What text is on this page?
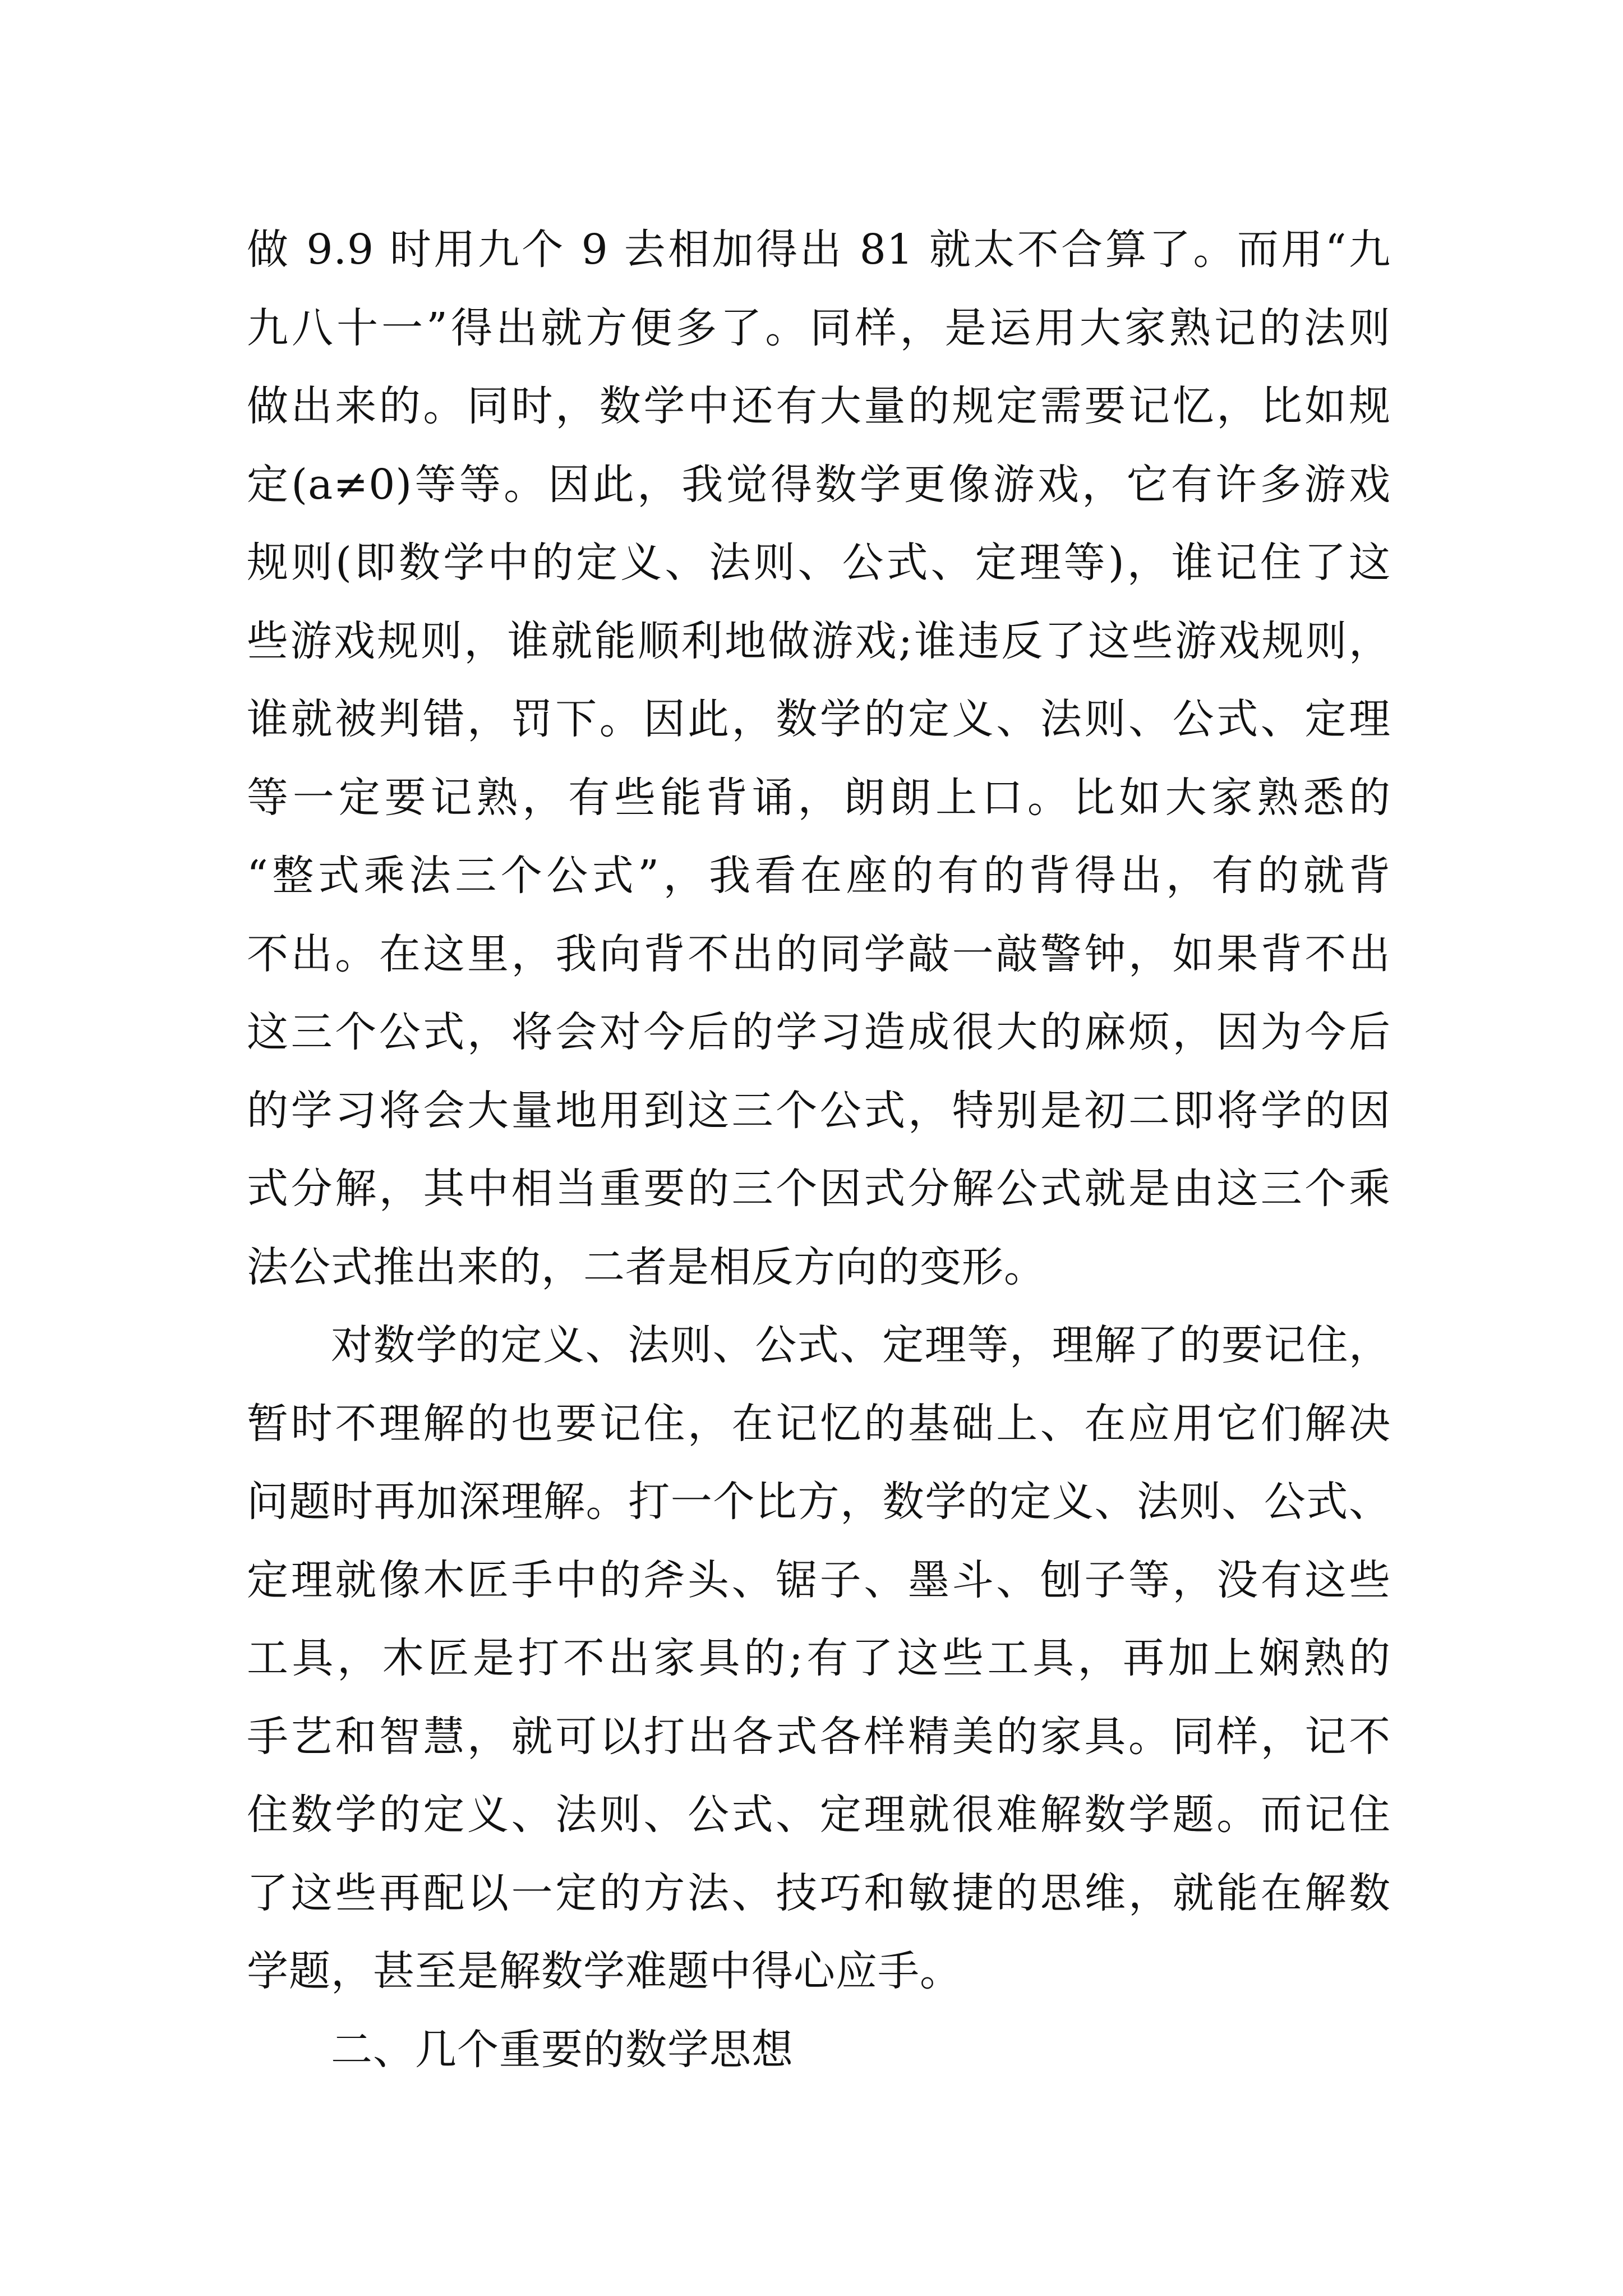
做 9.9 时用九个 9 去相加得出 81 就太不合算了。而用“九
九八十一”得出就方便多了。同样，是运用大家熟记的法则
做出来的。同时，数学中还有大量的规定需要记忆，比如规
定(a≠0)等等。因此，我觉得数学更像游戏，它有许多游戏
规则(即数学中的定义、法则、公式、定理等)，谁记住了这
些游戏规则，谁就能顺利地做游戏;谁违反了这些游戏规则，
谁就被判错，罚下。因此，数学的定义、法则、公式、定理
等一定要记熟，有些能背诵，朗朗上口。比如大家熟悉的
“整式乘法三个公式”，我看在座的有的背得出，有的就背
不出。在这里，我向背不出的同学敲一敲警钟，如果背不出
这三个公式，将会对今后的学习造成很大的麻烦，因为今后
的学习将会大量地用到这三个公式，特别是初二即将学的因
式分解，其中相当重要的三个因式分解公式就是由这三个乘
法公式推出来的，二者是相反方向的变形。
对数学的定义、法则、公式、定理等，理解了的要记住，
暂时不理解的也要记住，在记忆的基础上、在应用它们解决
问题时再加深理解。打一个比方，数学的定义、法则、公式、
定理就像木匠手中的斧头、锯子、墨斗、刨子等，没有这些
工具，木匠是打不出家具的;有了这些工具，再加上娴熟的
手艺和智慧，就可以打出各式各样精美的家具。同样，记不
住数学的定义、法则、公式、定理就很难解数学题。而记住
了这些再配以一定的方法、技巧和敏捷的思维，就能在解数
学题，甚至是解数学难题中得心应手。
二、几个重要的数学思想
